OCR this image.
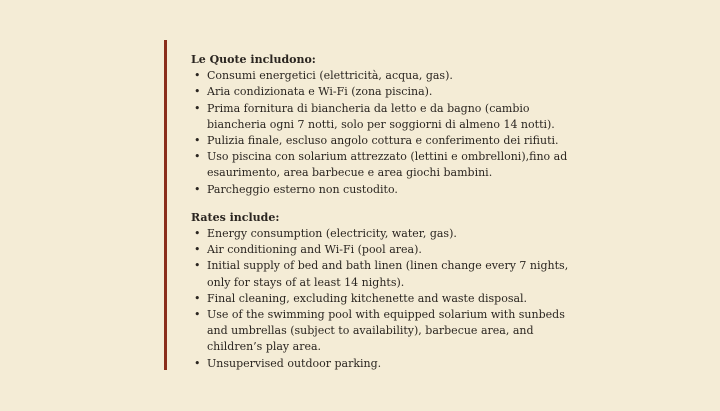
Le Quote includono:

• Consumi energetici (elettricità, acqua, gas).
• Aria condizionata e Wi-Fi (zona piscina).
• Prima fornitura di biancheria da letto e da bagno (cambio biancheria ogni 7 notti, solo per soggiorni di almeno 14 notti).
• Pulizia finale, escluso angolo cottura e conferimento dei rifiuti.
• Uso piscina con solarium attrezzato (lettini e ombrelloni),fino ad esaurimento, area barbecue e area giochi bambini.
• Parcheggio esterno non custodito.

Rates include:

• Energy consumption (electricity, water, gas).
• Air conditioning and Wi-Fi (pool area).
• Initial supply of bed and bath linen (linen change every 7 nights, only for stays of at least 14 nights).
• Final cleaning, excluding kitchenette and waste disposal.
• Use of the swimming pool with equipped solarium with sunbeds and umbrellas (subject to availability), barbecue area, and children’s play area.
• Unsupervised outdoor parking.
